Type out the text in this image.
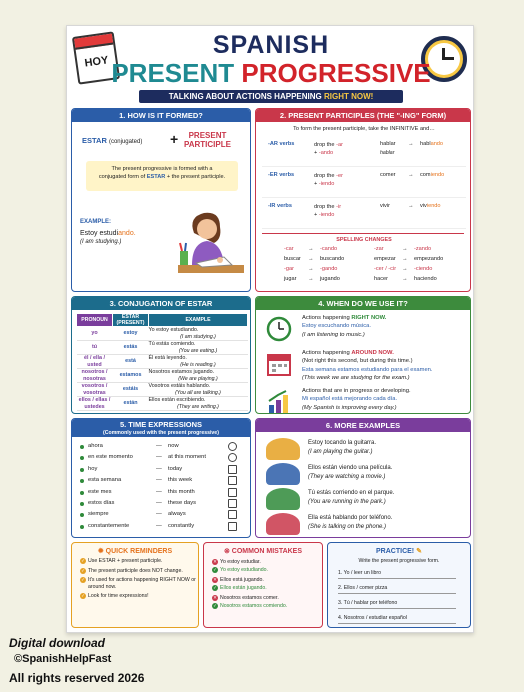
HOY
SPANISH
PRESENT PROGRESSIVE
TALKING ABOUT ACTIONS HAPPENING RIGHT NOW!
1. HOW IS IT FORMED?
ESTAR (conjugated) +	PRESENT
PARTICIPLE
The present progressive is formed with a
conjugated form of ESTAR + the present participle.
EXAMPLE:
Estoy estudiando.
(I am studying.)
2. PRESENT PARTICIPLES (THE "-ING" FORM)
To form the present participle, take the INFINITIVE and…
-AR verbs	drop the -ar
+ -ando
hablar
hablar
→ hablando
-ER verbs	drop the -er
+ -iendo
comer → comiendo
-IR verbs	drop the -ir
+ -iendo
vivir	→ viviendo
SPELLING CHANGES
-car	→ -cando	-zar	→ -zando
buscar → buscando	empezar → empezando
-gar	→ -gando	-cer / -cir → -ciendo
jugar → jugando	hacer	→ haciendo
3. CONJUGATION OF ESTAR
PRONOUN	ESTAR (PRESENT)	EXAMPLE
yo	estoy	Yo estoy estudiando.
(I am studying.)

tú	estás	Tú estás comiendo.
(You are eating.)

él / ella / usted	está	Él está leyendo.
(He is reading.)

nosotros / nosotras	estamos	Nosotros estamos jugando.
(We are playing.)

vosotros / vosotras	estáis	Vosotros estáis hablando.
(You all are talking.)

ellos / ellas / ustedes	están	Ellos están escribiendo.
(They are writing.)
4. WHEN DO WE USE IT?
Actions happening RIGHT NOW.
Estoy escuchando música.
(I am listening to music.)
Actions happening AROUND NOW.
(Not right this second, but during this time.)
Esta semana estamos estudiando para el examen.
(This week we are studying for the exam.)
Actions that are in progress or developing.
Mi español está mejorando cada día.
(My Spanish is improving every day.)
5. TIME EXPRESSIONS
(Commonly used with the present progressive)
ahora	— now
en este momento	— at this moment
hoy	— today
esta semana	— this week
este mes	— this month
estos días	— these days
siempre	— always
constantemente	— constantly
6. MORE EXAMPLES
Estoy tocando la guitarra.
(I am playing the guitar.)
Ellos están viendo una película.
(They are watching a movie.)
Tú estás corriendo en el parque.
(You are running in the park.)
Ella está hablando por teléfono.
(She is talking on the phone.)
✹ QUICK REMINDERS
✓ Use ESTAR + present participle.
✓ The present participle does NOT change.
✓ It's used for actions happening RIGHT NOW or around now.
✓ Look for time expressions!
⊗ COMMON MISTAKES
✕ Yo estoy estudiar.
✓ Yo estoy estudiando.
✕ Ellos está jugando.
✓ Ellos están jugando.
✕ Nosotros estamos comer.
✓ Nosotros estamos comiendo.
PRACTICE! ✎
Write the present progressive form.
1. Yo / leer un libro
2. Ellos / comer pizza
3. Tú / hablar por teléfono
4. Nosotros / estudiar español
Digital download
©SpanishHelpFast
All rights reserved 2026
